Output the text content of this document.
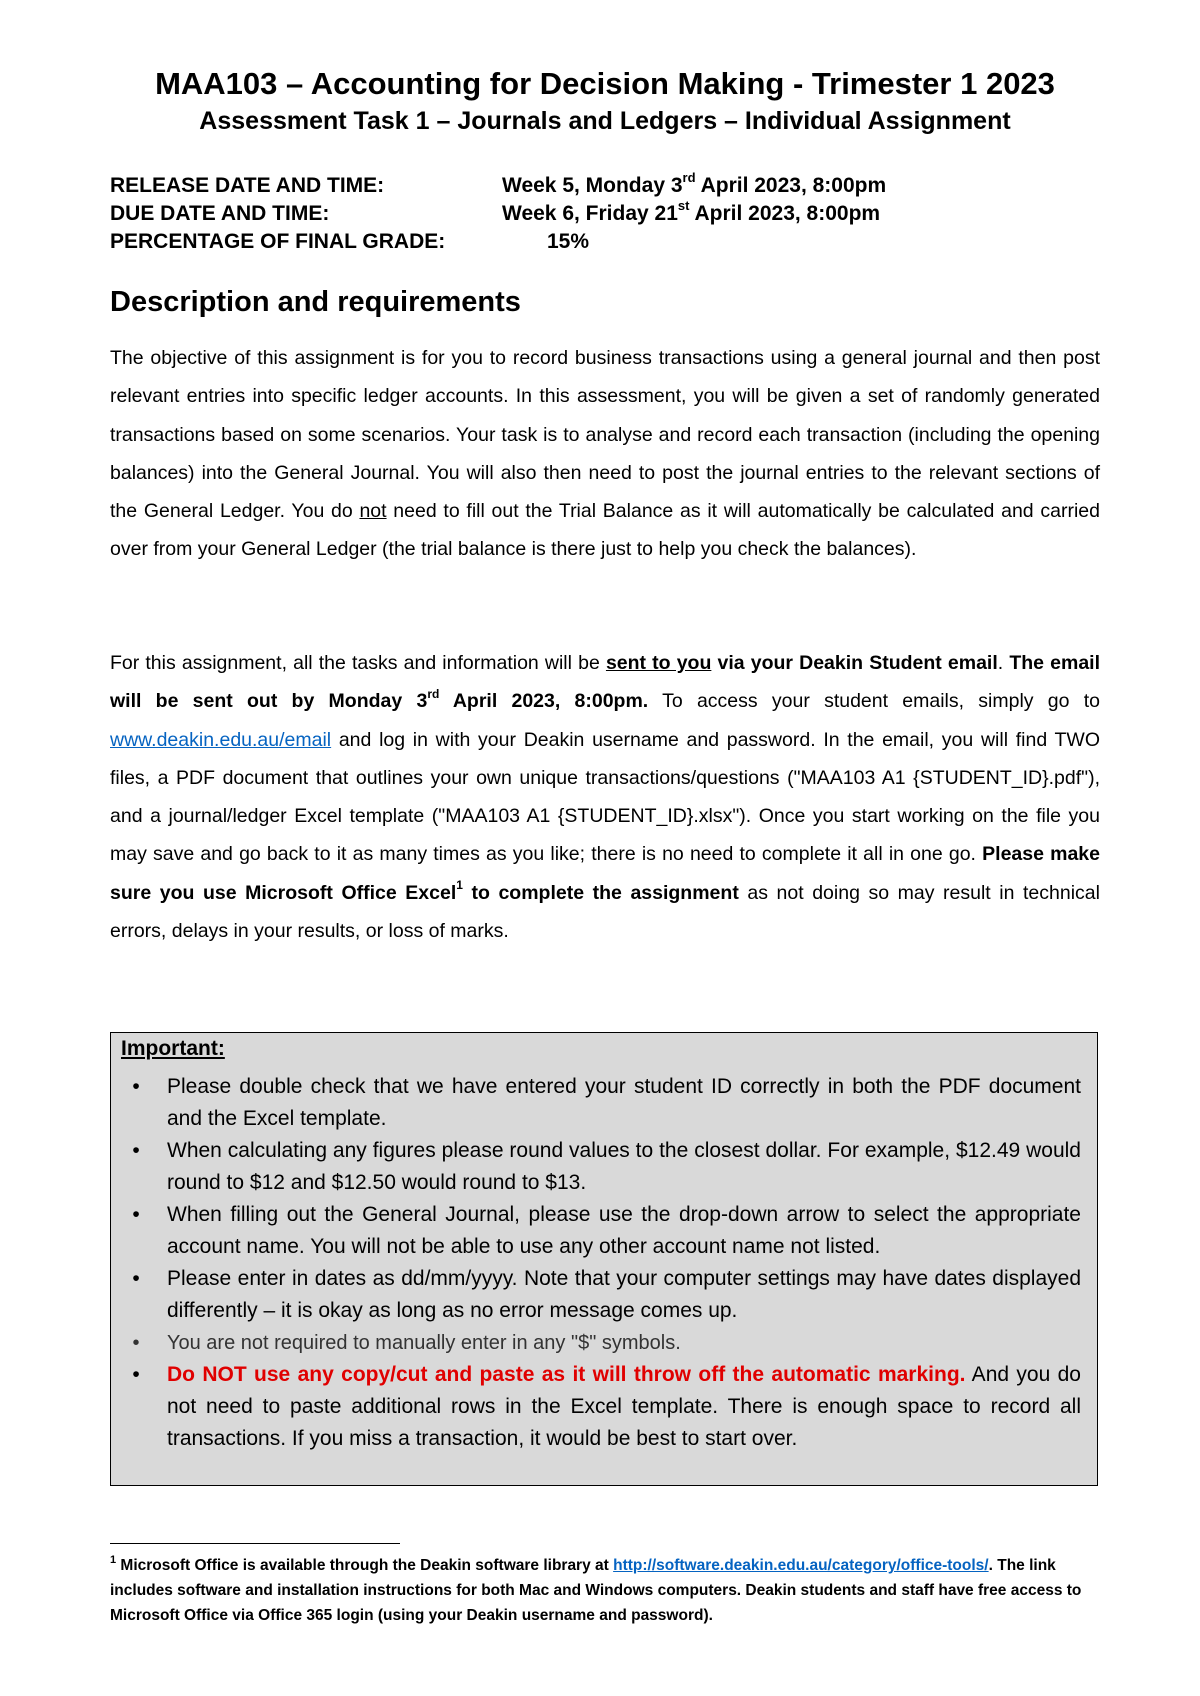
MAA103 – Accounting for Decision Making - Trimester 1 2023

Assessment Task 1 – Journals and Ledgers – Individual Assignment

RELEASE DATE AND TIME:	Week 5, Monday 3rd April 2023, 8:00pm
DUE DATE AND TIME:	Week 6, Friday 21st April 2023, 8:00pm
PERCENTAGE OF FINAL GRADE:	15%
Description and requirements

The objective of this assignment is for you to record business transactions using a general journal and then post relevant entries into specific ledger accounts. In this assessment, you will be given a set of randomly generated transactions based on some scenarios. Your task is to analyse and record each transaction (including the opening balances) into the General Journal. You will also then need to post the journal entries to the relevant sections of the General Ledger. You do not need to fill out the Trial Balance as it will automatically be calculated and carried over from your General Ledger (the trial balance is there just to help you check the balances).

For this assignment, all the tasks and information will be sent to you via your Deakin Student email. The email will be sent out by Monday 3rd April 2023, 8:00pm. To access your student emails, simply go to www.deakin.edu.au/email and log in with your Deakin username and password. In the email, you will find TWO files, a PDF document that outlines your own unique transactions/questions ("MAA103 A1 {STUDENT_ID}.pdf"), and a journal/ledger Excel template ("MAA103 A1 {STUDENT_ID}.xlsx"). Once you start working on the file you may save and go back to it as many times as you like; there is no need to complete it all in one go. Please make sure you use Microsoft Office Excel$^1$ to complete the assignment as not doing so may result in technical errors, delays in your results, or loss of marks.

Important:
• Please double check that we have entered your student ID correctly in both the PDF document and the Excel template.
• When calculating any figures please round values to the closest dollar. For example, $12.49 would round to $12 and $12.50 would round to $13.
• When filling out the General Journal, please use the drop-down arrow to select the appropriate account name. You will not be able to use any other account name not listed.
• Please enter in dates as dd/mm/yyyy. Note that your computer settings may have dates displayed differently – it is okay as long as no error message comes up.
• You are not required to manually enter in any "$" symbols.
• Do NOT use any copy/cut and paste as it will throw off the automatic marking. And you do not need to paste additional rows in the Excel template. There is enough space to record all transactions. If you miss a transaction, it would be best to start over.

$^1$ Microsoft Office is available through the Deakin software library at http://software.deakin.edu.au/category/office-tools/. The link includes software and installation instructions for both Mac and Windows computers. Deakin students and staff have free access to Microsoft Office via Office 365 login (using your Deakin username and password).
